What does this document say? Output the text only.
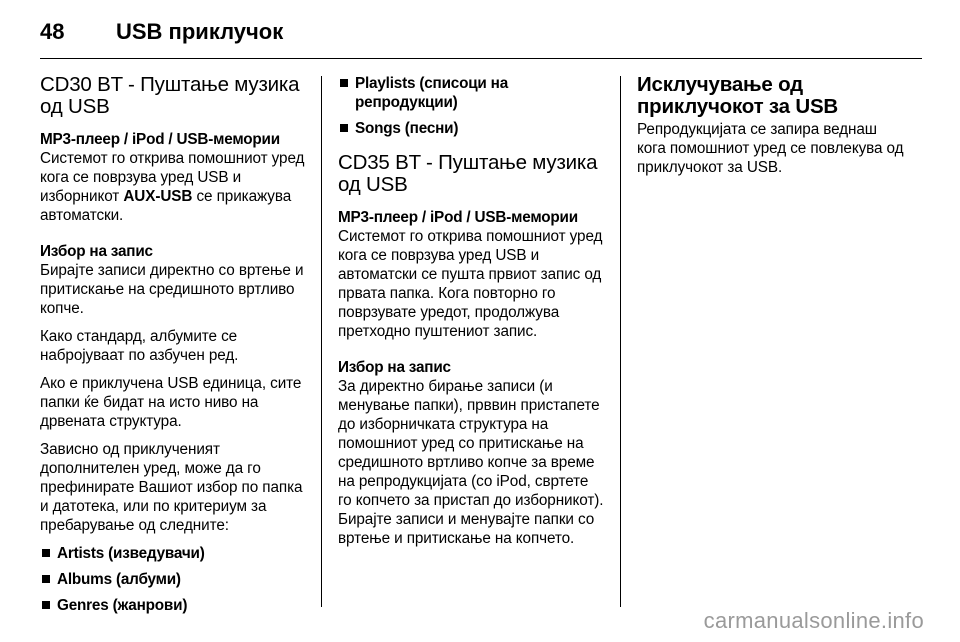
48	USB приклучок
CD30 BT - Пуштање музика од USB
MP3-плеер / iPod / USB-мемории

Системот го открива помошниот уред кога се поврзува уред USB и изборникот AUX-USB се прикажува автоматски.

Избор на запис

Бирајте записи директно со вртење и притискање на средишното вртливо копче.

Како стандард, албумите се набројуваат по азбучен ред.

Ако е приклучена USB единица, сите папки ќе бидат на исто ниво на дрвената структура.

Зависно од приклученият дополнителен уред, може да го префинирате Вашиот избор по папка и датотека, или по критериум за пребарување од следните:

Artists (изведувачи)
Albums (албуми)
Genres (жанрови)
Playlists (списоци на репродукции)
Songs (песни)
CD35 BT - Пуштање музика од USB
MP3-плеер / iPod / USB-мемории

Системот го открива помошниот уред кога се поврзува уред USB и автоматски се пушта првиот запис од првата папка. Кога повторно го поврзувате уредот, продолжува претходно пуштениот запис.

Избор на запис

За директно бирање записи (и менување папки), прввин пристапете до изборничката структура на помошниот уред со притискање на средишното вртливо копче за време на репродукцијата (со iPod, свртете го копчето за пристап до изборникот). Бирајте записи и менувајте папки со вртење и притискање на копчето.

Исклучување од приклучокот за USB

Репродукцијата се запира веднаш кога помошниот уред се повлекува од приклучокот за USB.

carmanualsonline.info
